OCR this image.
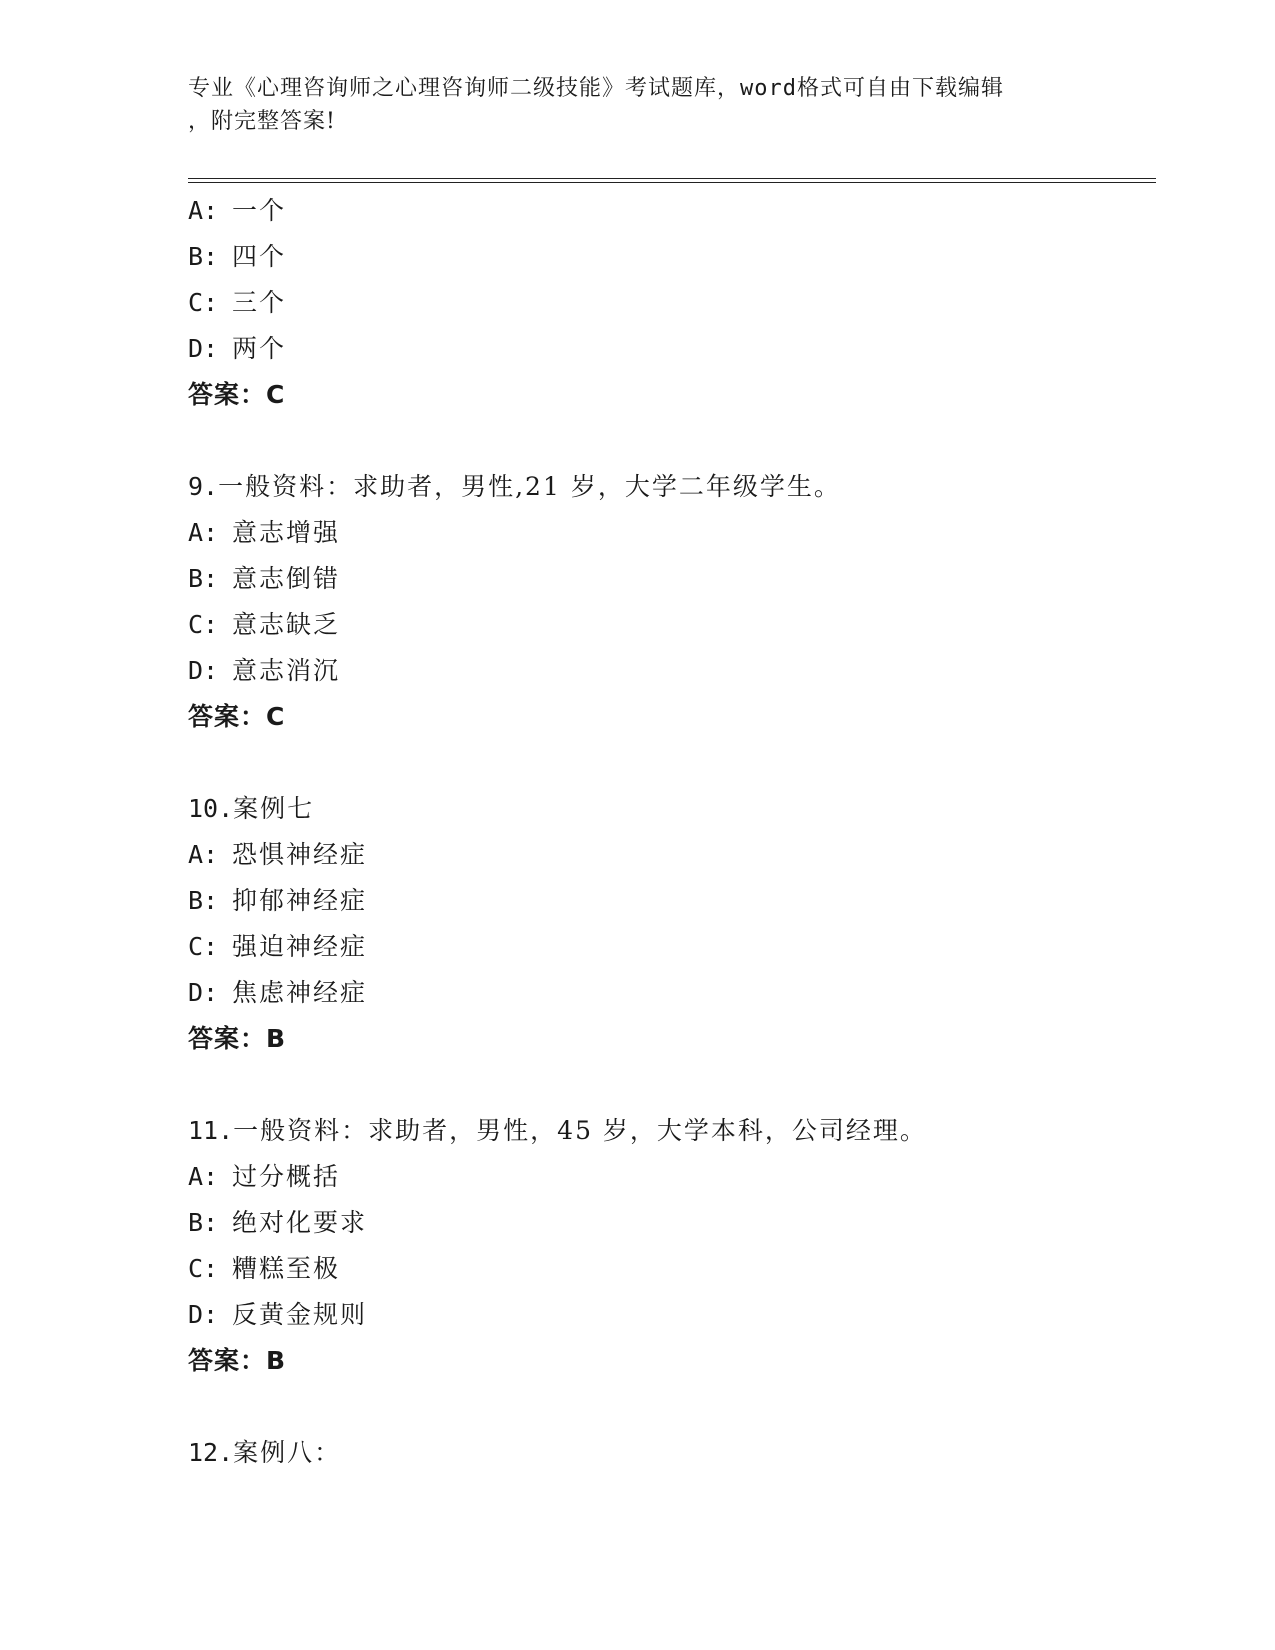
专业《心理咨询师之心理咨询师二级技能》考试题库，word格式可自由下载编辑
，附完整答案!
A: 一个
B: 四个
C: 三个
D: 两个
答案：C
9.一般资料：求助者，男性,21 岁，大学二年级学生。
A: 意志增强
B: 意志倒错
C: 意志缺乏
D: 意志消沉
答案：C
10.案例七
A: 恐惧神经症
B: 抑郁神经症
C: 强迫神经症
D: 焦虑神经症
答案：B
11.一般资料：求助者，男性，45 岁，大学本科，公司经理。
A: 过分概括
B: 绝对化要求
C: 糟糕至极
D: 反黄金规则
答案：B
12.案例八：
